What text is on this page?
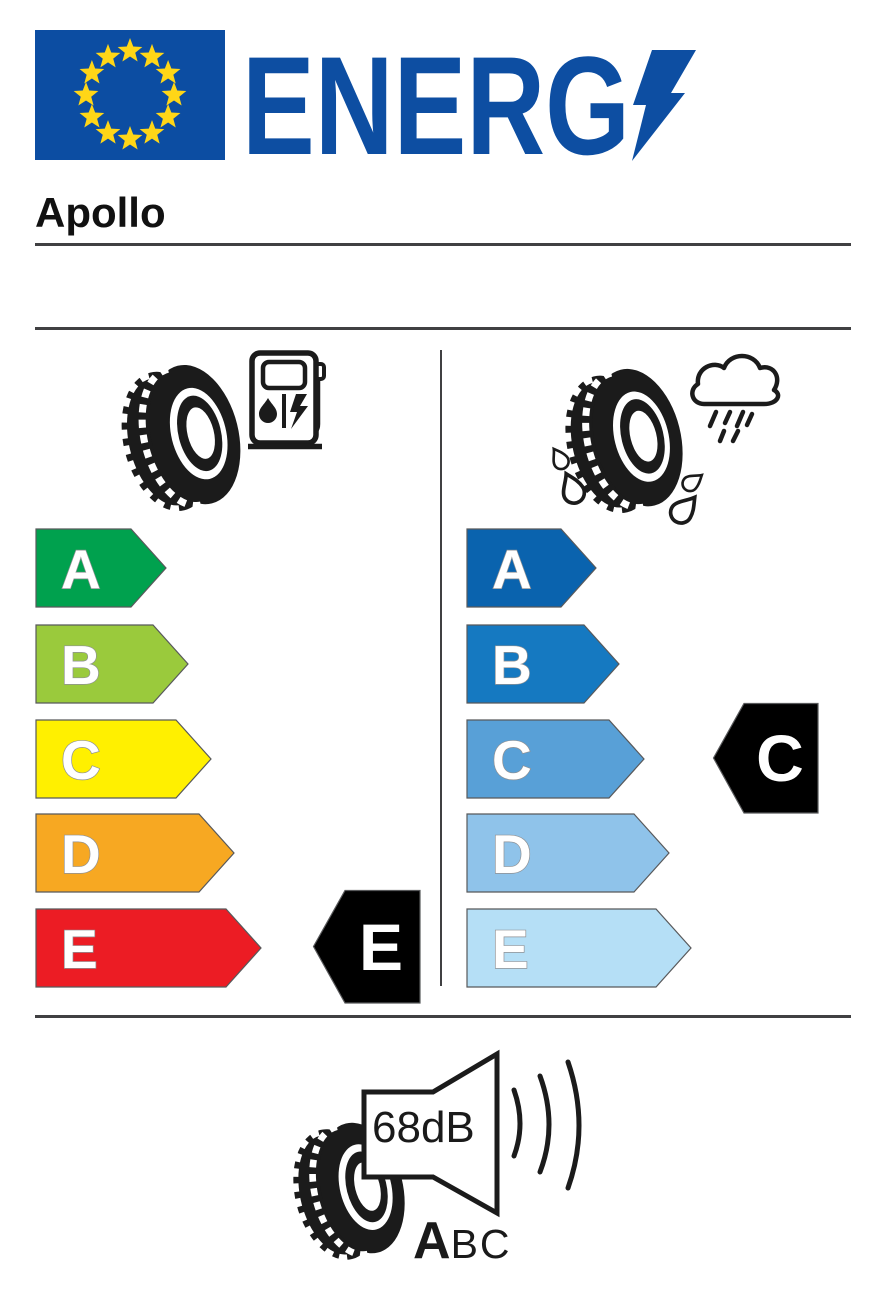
ENERG
Apollo
A
B
C
D
E	E
A
B
C
D
E
C
68dB
A BC
